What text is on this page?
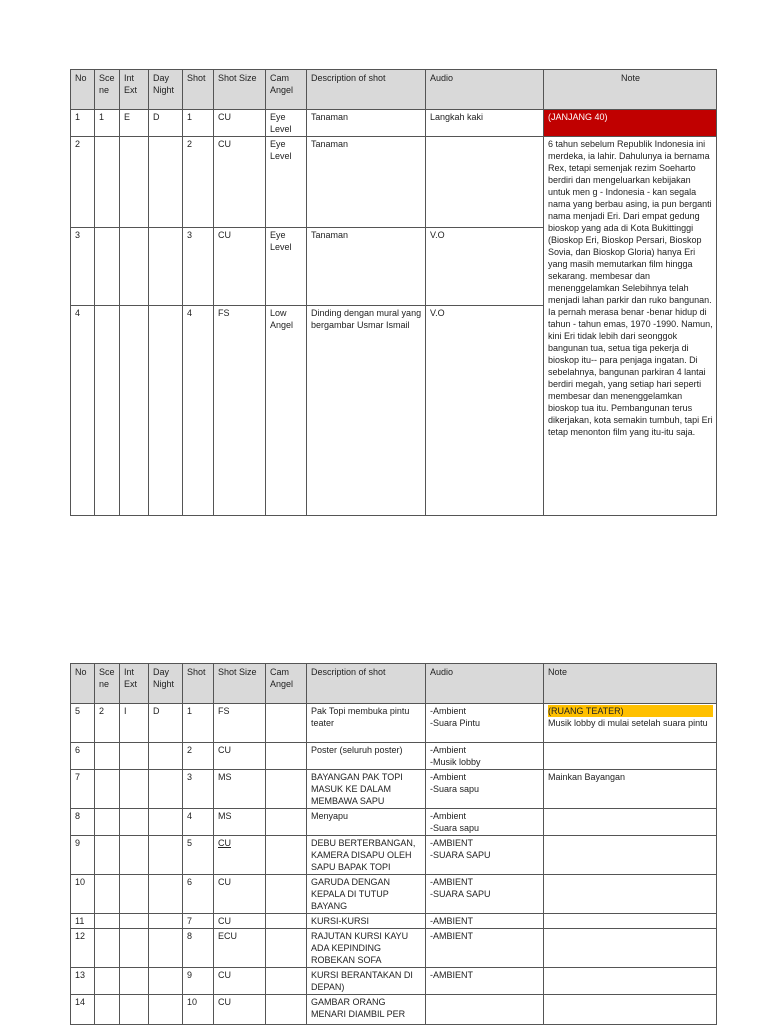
No	Sce ne	Int Ext	Day Night	Shot	Shot Size	Cam Angel	Description of shot	Audio	Note
1	1	E	D	1	CU	Eye Level	Tanaman	Langkah kaki	(JANJANG 40)
2				2	CU	Eye Level	Tanaman		6 tahun sebelum Republik Indonesia ini merdeka, ia lahir. Dahulunya ia bernama Rex, tetapi semenjak rezim Soeharto berdiri dan mengeluarkan kebijakan untuk men g - Indonesia - kan segala nama yang berbau asing, ia pun berganti nama menjadi Eri. Dari empat gedung bioskop yang ada di Kota Bukittinggi (Bioskop Eri, Bioskop Persari, Bioskop Sovia, dan Bioskop Gloria) hanya Eri yang masih memutarkan film hingga sekarang. membesar dan menenggelamkan Selebihnya telah menjadi lahan parkir dan ruko bangunan. Ia pernah merasa benar -benar hidup di tahun - tahun emas, 1970 -1990. Namun, kini Eri tidak lebih dari seonggok bangunan tua, setua tiga pekerja di bioskop itu-- para penjaga ingatan. Di sebelahnya, bangunan parkiran 4 lantai berdiri megah, yang setiap hari seperti membesar dan menenggelamkan bioskop tua itu. Pembangunan terus dikerjakan, kota semakin tumbuh, tapi Eri tetap menonton film yang itu-itu saja.
3				3	CU	Eye Level	Tanaman	V.O	
4				4	FS	Low Angel	Dinding dengan mural yang bergambar Usmar Ismail	V.O	
No	Sce ne	Int Ext	Day Night	Shot	Shot Size	Cam Angel	Description of shot	Audio	Note
5	2	I	D	1	FS		Pak Topi membuka pintu teater	-Ambient
-Suara Pintu	(RUANG TEATER)
Musik lobby di mulai setelah suara pintu
6				2	CU		Poster (seluruh poster)	-Ambient
-Musik lobby	
7				3	MS		BAYANGAN PAK TOPI MASUK KE DALAM MEMBAWA SAPU	-Ambient
-Suara sapu	Mainkan Bayangan
8				4	MS		Menyapu	-Ambient
-Suara sapu	
9				5	CU		DEBU BERTERBANGAN, KAMERA DISAPU OLEH SAPU BAPAK TOPI	-AMBIENT
-SUARA SAPU	
10				6	CU		GARUDA DENGAN KEPALA DI TUTUP BAYANG	-AMBIENT
-SUARA SAPU	
11				7	CU		KURSI-KURSI	-AMBIENT	
12				8	ECU		RAJUTAN KURSI KAYU ADA KEPINDING ROBEKAN SOFA	-AMBIENT	
13				9	CU		KURSI BERANTAKAN DI DEPAN)	-AMBIENT	
14				10	CU		GAMBAR ORANG MENARI DIAMBIL PER		
